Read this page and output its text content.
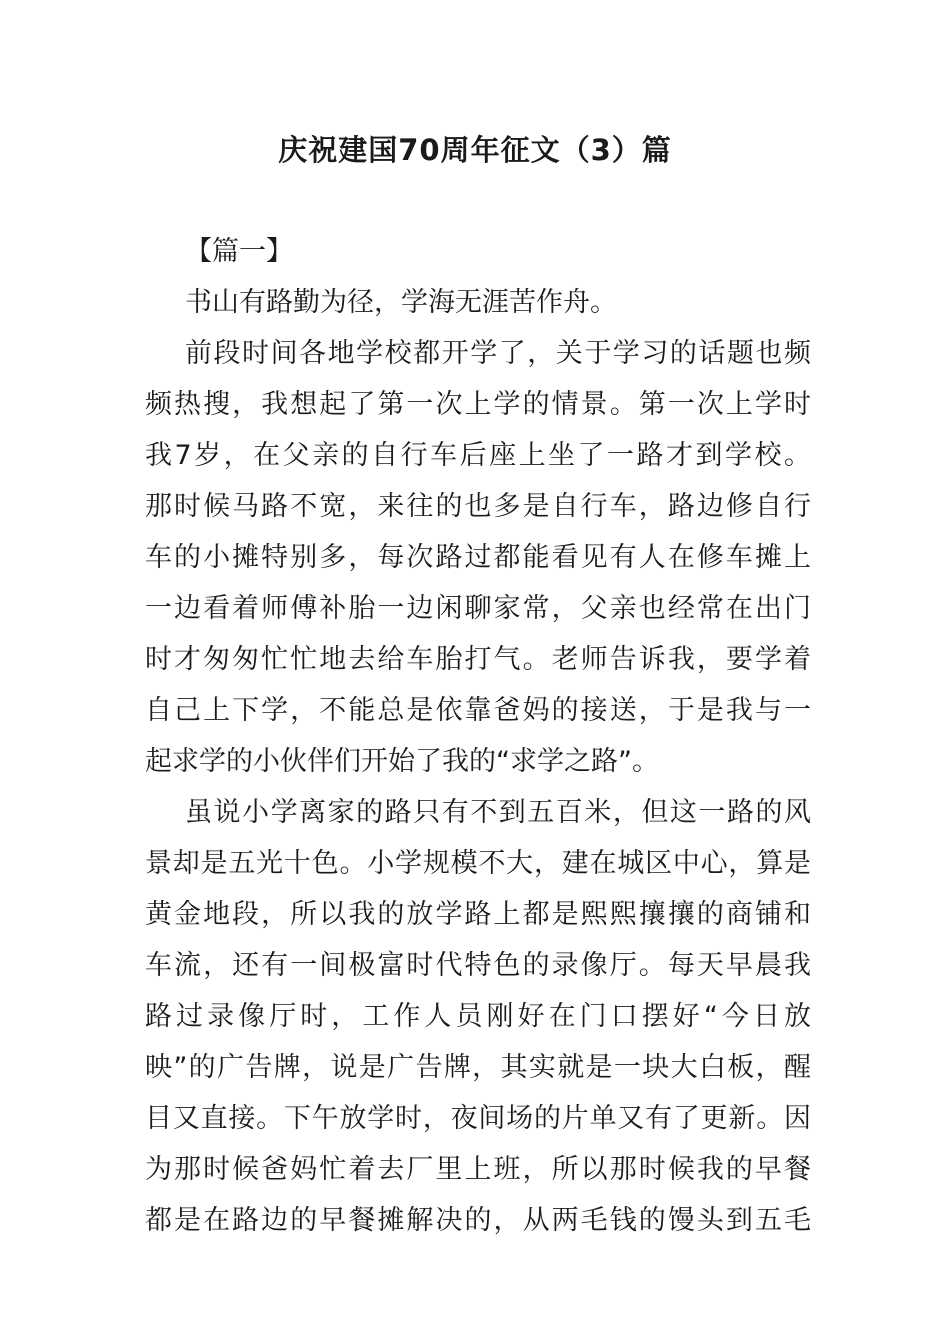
庆祝建国70周年征文（3）篇
【篇一】
书山有路勤为径，学海无涯苦作舟。
前段时间各地学校都开学了，关于学习的话题也频
频热搜，我想起了第一次上学的情景。第一次上学时
我7岁，在父亲的自行车后座上坐了一路才到学校。
那时候马路不宽，来往的也多是自行车，路边修自行
车的小摊特别多，每次路过都能看见有人在修车摊上
一边看着师傅补胎一边闲聊家常，父亲也经常在出门
时才匆匆忙忙地去给车胎打气。老师告诉我，要学着
自己上下学，不能总是依靠爸妈的接送，于是我与一
起求学的小伙伴们开始了我的“求学之路”。
虽说小学离家的路只有不到五百米，但这一路的风
景却是五光十色。小学规模不大，建在城区中心，算是
黄金地段，所以我的放学路上都是熙熙攘攘的商铺和
车流，还有一间极富时代特色的录像厅。每天早晨我
路过录像厅时，工作人员刚好在门口摆好“今日放
映”的广告牌，说是广告牌，其实就是一块大白板，醒
目又直接。下午放学时，夜间场的片单又有了更新。因
为那时候爸妈忙着去厂里上班，所以那时候我的早餐
都是在路边的早餐摊解决的，从两毛钱的馒头到五毛
